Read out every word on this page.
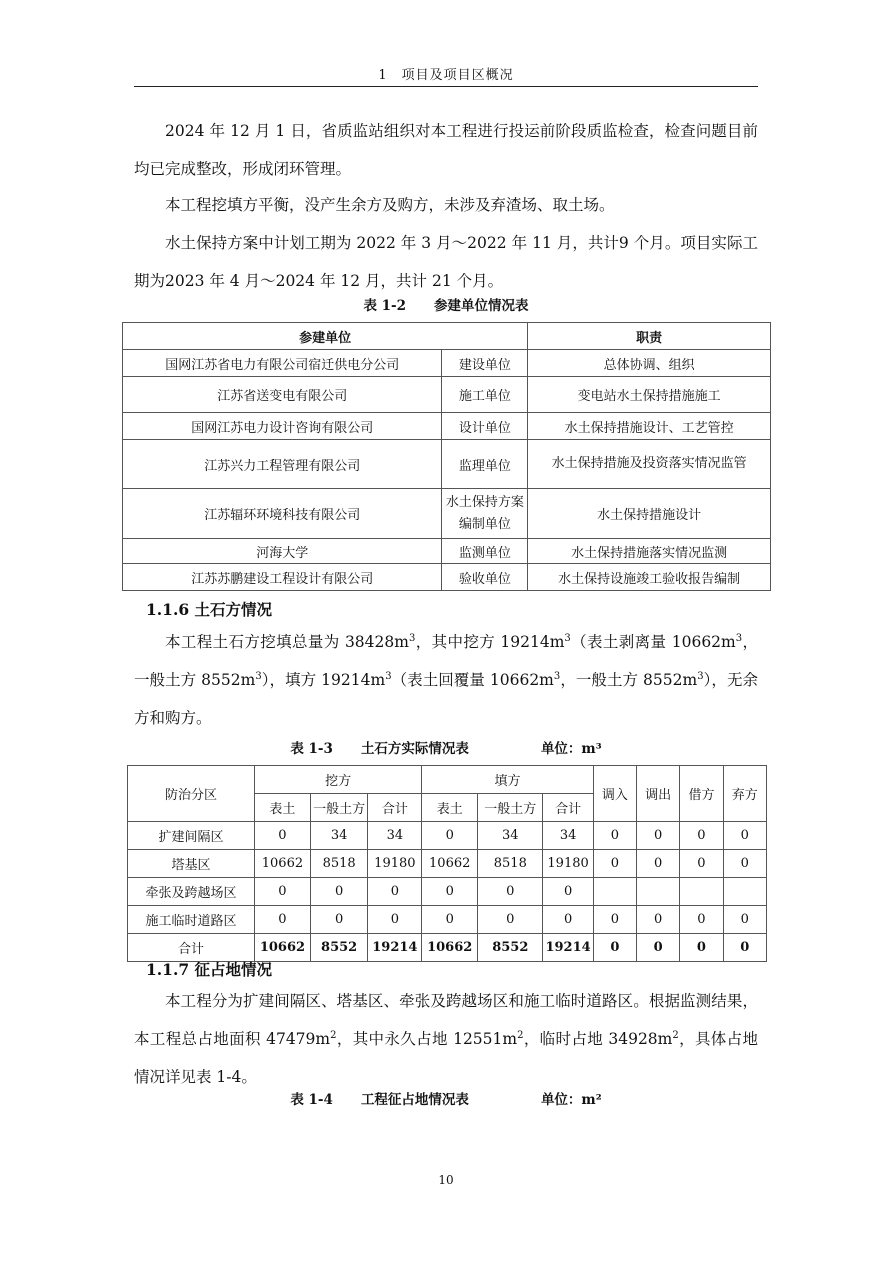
1　项目及项目区概况

2024 年 12 月 1 日，省质监站组织对本工程进行投运前阶段质监检查，检查问题目前均已完成整改，形成闭环管理。

本工程挖填方平衡，没产生余方及购方，未涉及弃渣场、取土场。

水土保持方案中计划工期为 2022 年 3 月～2022 年 11 月，共计9 个月。项目实际工期为2023 年 4 月～2024 年 12 月，共计 21 个月。

表 1-2 参建单位情况表
参建单位		职责
国网江苏省电力有限公司宿迁供电分公司	建设单位	总体协调、组织
江苏省送变电有限公司	施工单位	变电站水土保持措施施工
国网江苏电力设计咨询有限公司	设计单位	水土保持措施设计、工艺管控
江苏兴力工程管理有限公司	监理单位	水土保持措施及投资落实情况监管
江苏辐环环境科技有限公司	水土保持方案编制单位	水土保持措施设计
河海大学	监测单位	水土保持措施落实情况监测
江苏苏鹏建设工程设计有限公司	验收单位	水土保持设施竣工验收报告编制
1.1.6 土石方情况

本工程土石方挖填总量为 $38428m^3$，其中挖方 $19214m^3$（表土剥离量 $10662m^3$，一般土方 $8552m^3$），填方 $19214m^3$（表土回覆量 $10662m^3$，一般土方 $8552m^3$），无余方和购方。

表 1-3 土石方实际情况表	单位：m³
防治分区	挖方			填方			调入	调出	借方	弃方
	表土	一般土方	合计	表土	一般土方	合计				
扩建间隔区	0	34	34	0	34	34	0	0	0	0
塔基区	10662	8518	19180	10662	8518	19180	0	0	0	0
牵张及跨越场区	0	0	0	0	0	0				
施工临时道路区	0	0	0	0	0	0	0	0	0	0
合计	10662	8552	19214	10662	8552	19214	0	0	0	0
1.1.7 征占地情况

本工程分为扩建间隔区、塔基区、牵张及跨越场区和施工临时道路区。根据监测结果，本工程总占地面积 $47479m^2$，其中永久占地 $12551m^2$，临时占地 $34928m^2$，具体占地情况详见表 1-4。

表 1-4 工程征占地情况表	单位：m²
10
